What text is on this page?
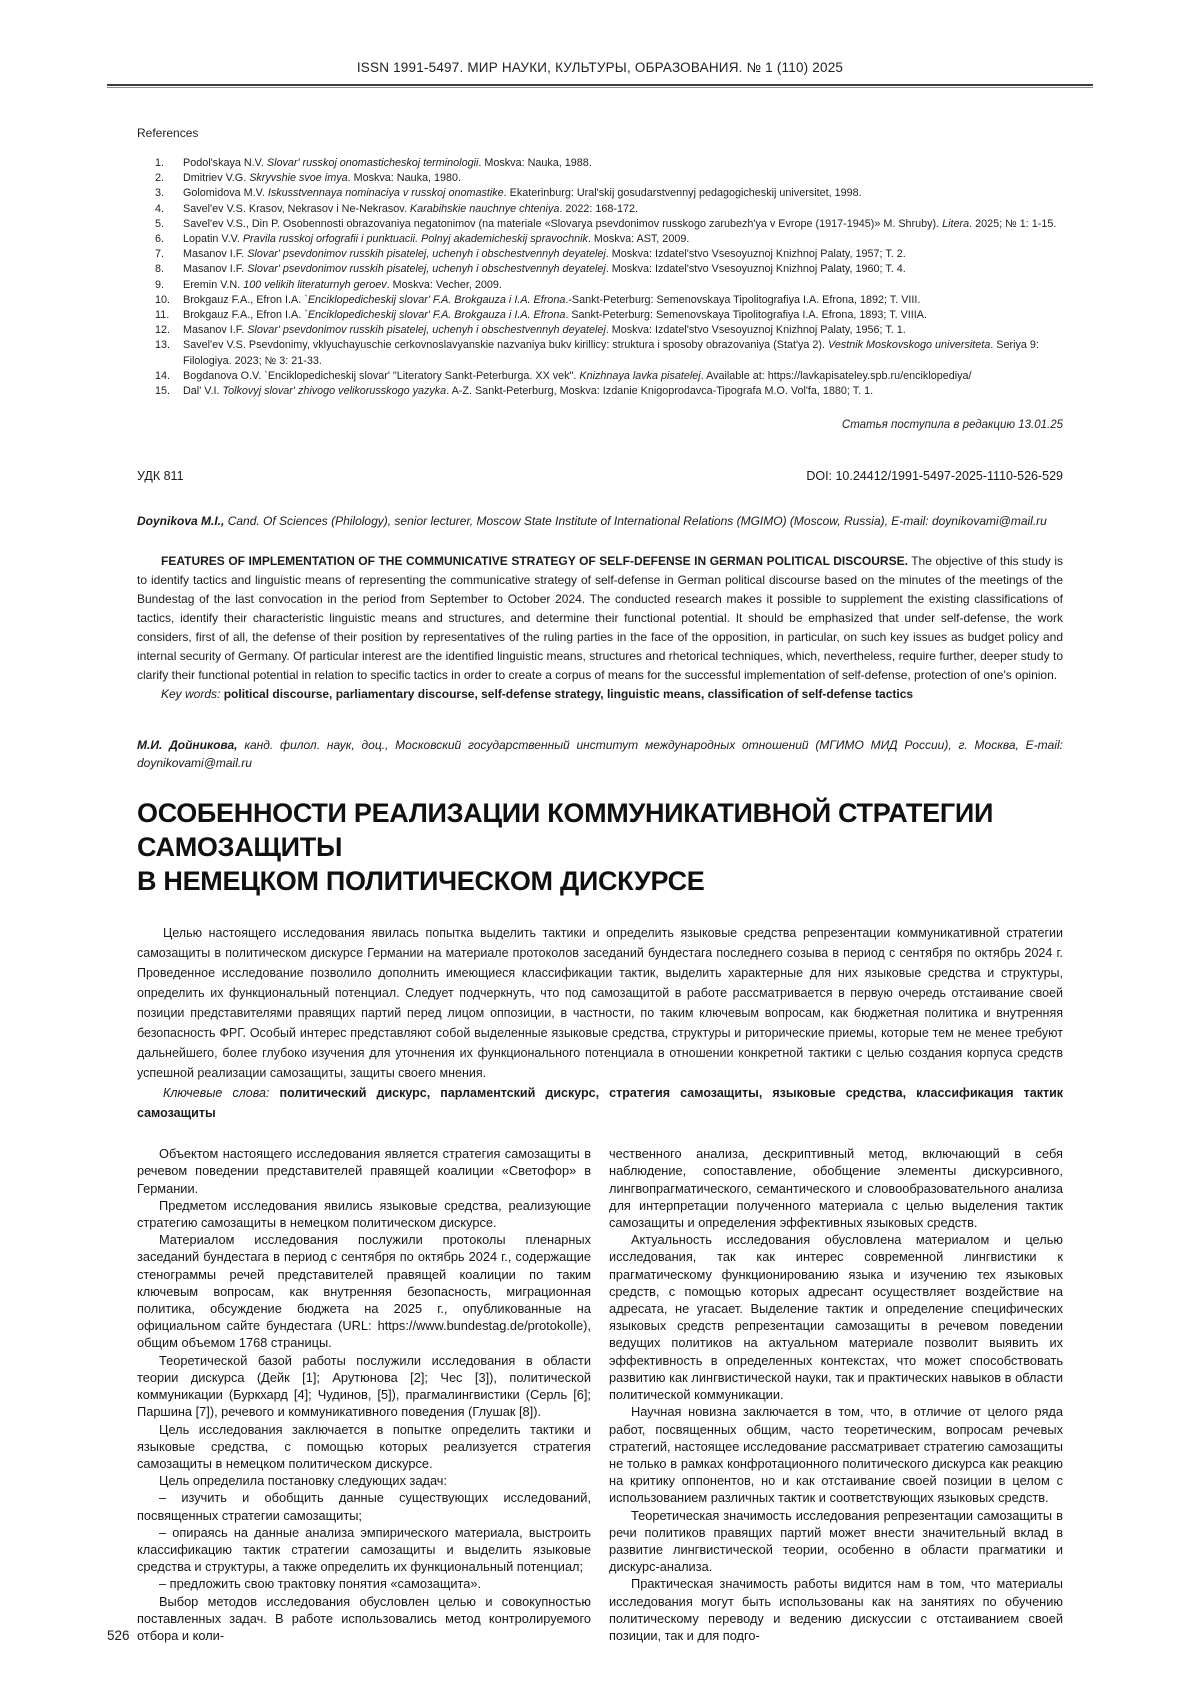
ISSN 1991-5497. МИР НАУКИ, КУЛЬТУРЫ, ОБРАЗОВАНИЯ. № 1 (110) 2025
References
1. Podol'skaya N.V. Slovar' russkoj onomasticheskoj terminologii. Moskva: Nauka, 1988.
2. Dmitriev V.G. Skryvshie svoe imya. Moskva: Nauka, 1980.
3. Golomidova M.V. Iskusstvennaya nominaciya v russkoj onomastike. Ekaterinburg: Ural'skij gosudarstvennyj pedagogicheskij universitet, 1998.
4. Savel'ev V.S. Krasov, Nekrasov i Ne-Nekrasov. Karabihskie nauchnye chteniya. 2022: 168-172.
5. Savel'ev V.S., Din P. Osobennosti obrazovaniya negatonimov (na materiale «Slovarya psevdonimov russkogo zarubezh'ya v Evrope (1917-1945)» M. Shruby). Litera. 2025; № 1: 1-15.
6. Lopatin V.V. Pravila russkoj orfografii i punktuacii. Polnyj akademicheskij spravochnik. Moskva: AST, 2009.
7. Masanov I.F. Slovar' psevdonimov russkih pisatelej, uchenyh i obschestvennyh deyatelej. Moskva: Izdatel'stvo Vsesoyuznoj Knizhnoj Palaty, 1957; T. 2.
8. Masanov I.F. Slovar' psevdonimov russkih pisatelej, uchenyh i obschestvennyh deyatelej. Moskva: Izdatel'stvo Vsesoyuznoj Knizhnoj Palaty, 1960; T. 4.
9. Eremin V.N. 100 velikih literaturnyh geroev. Moskva: Vecher, 2009.
10. Brokgauz F.A., Efron I.A. `Enciklopedicheskij slovar' F.A. Brokgauza i I.A. Efrona.-Sankt-Peterburg: Semenovskaya Tipolitografiya I.A. Efrona, 1892; T. VIII.
11. Brokgauz F.A., Efron I.A. `Enciklopedicheskij slovar' F.A. Brokgauza i I.A. Efrona. Sankt-Peterburg: Semenovskaya Tipolitografiya I.A. Efrona, 1893; T. VIIIA.
12. Masanov I.F. Slovar' psevdonimov russkih pisatelej, uchenyh i obschestvennyh deyatelej. Moskva: Izdatel'stvo Vsesoyuznoj Knizhnoj Palaty, 1956; T. 1.
13. Savel'ev V.S. Psevdonimy, vklyuchayuschie cerkovnoslavyanskie nazvaniya bukv kirillicy: struktura i sposoby obrazovaniya (Stat'ya 2). Vestnik Moskovskogo universiteta. Seriya 9: Filologiya. 2023; № 3: 21-33.
14. Bogdanova O.V. `Enciklopedicheskij slovar' "Literatory Sankt-Peterburga. XX vek". Knizhnaya lavka pisatelej. Available at: https://lavkapisateley.spb.ru/enciklopediya/
15. Dal' V.I. Tolkovyj slovar' zhivogo velikorusskogo yazyka. A-Z. Sankt-Peterburg, Moskva: Izdanie Knigoprodavca-Tipografa M.O. Vol'fa, 1880; T. 1.
Статья поступила в редакцию 13.01.25
УДК 811	DOI: 10.24412/1991-5497-2025-1110-526-529

Doynikova M.I., Cand. Of Sciences (Philology), senior lecturer, Moscow State Institute of International Relations (MGIMO) (Moscow, Russia), E-mail: doynikovami@mail.ru

FEATURES OF IMPLEMENTATION OF THE COMMUNICATIVE STRATEGY OF SELF-DEFENSE IN GERMAN POLITICAL DISCOURSE. The objective of this study is to identify tactics and linguistic means of representing the communicative strategy of self-defense in German political discourse based on the minutes of the meetings of the Bundestag of the last convocation in the period from September to October 2024. The conducted research makes it possible to supplement the existing classifications of tactics, identify their characteristic linguistic means and structures, and determine their functional potential. It should be emphasized that under self-defense, the work considers, first of all, the defense of their position by representatives of the ruling parties in the face of the opposition, in particular, on such key issues as budget policy and internal security of Germany. Of particular interest are the identified linguistic means, structures and rhetorical techniques, which, nevertheless, require further, deeper study to clarify their functional potential in relation to specific tactics in order to create a corpus of means for the successful implementation of self-defense, protection of one's opinion.

Key words: political discourse, parliamentary discourse, self-defense strategy, linguistic means, classification of self-defense tactics

М.И. Дойникова, канд. филол. наук, доц., Московский государственный институт международных отношений (МГИМО МИД России), г. Москва, E-mail: doynikovami@mail.ru

ОСОБЕННОСТИ РЕАЛИЗАЦИИ КОММУНИКАТИВНОЙ СТРАТЕГИИ САМОЗАЩИТЫ
В НЕМЕЦКОМ ПОЛИТИЧЕСКОМ ДИСКУРСЕ

Целью настоящего исследования явилась попытка выделить тактики и определить языковые средства репрезентации коммуникативной стратегии самозащиты в политическом дискурсе Германии на материале протоколов заседаний бундестага последнего созыва в период с сентября по октябрь 2024 г. Проведенное исследование позволило дополнить имеющиеся классификации тактик, выделить характерные для них языковые средства и структуры, определить их функциональный потенциал. Следует подчеркнуть, что под самозащитой в работе рассматривается в первую очередь отстаивание своей позиции представителями правящих партий перед лицом оппозиции, в частности, по таким ключевым вопросам, как бюджетная политика и внутренняя безопасность ФРГ. Особый интерес представляют собой выделенные языковые средства, структуры и риторические приемы, которые тем не менее требуют дальнейшего, более глубоко изучения для уточнения их функционального потенциала в отношении конкретной тактики с целью создания корпуса средств успешной реализации самозащиты, защиты своего мнения.

Ключевые слова: политический дискурс, парламентский дискурс, стратегия самозащиты, языковые средства, классификация тактик самозащиты

Объектом настоящего исследования является стратегия самозащиты в речевом поведении представителей правящей коалиции «Светофор» в Германии.

Предметом исследования явились языковые средства, реализующие стратегию самозащиты в немецком политическом дискурсе.

Материалом исследования послужили протоколы пленарных заседаний бундестага в период с сентября по октябрь 2024 г., содержащие стенограммы речей представителей правящей коалиции по таким ключевым вопросам, как внутренняя безопасность, миграционная политика, обсуждение бюджета на 2025 г., опубликованные на официальном сайте бундестага (URL: https://www.bundestag.de/protokolle), общим объемом 1768 страницы.

Теоретической базой работы послужили исследования в области теории дискурса (Дейк [1]; Арутюнова [2]; Чес [3]), политической коммуникации (Буркхард [4]; Чудинов, [5]), прагмалингвистики (Серль [6]; Паршина [7]), речевого и коммуникативного поведения (Глушак [8]).

Цель исследования заключается в попытке определить тактики и языковые средства, с помощью которых реализуется стратегия самозащиты в немецком политическом дискурсе.

Цель определила постановку следующих задач:

– изучить и обобщить данные существующих исследований, посвященных стратегии самозащиты;

– опираясь на данные анализа эмпирического материала, выстроить классификацию тактик стратегии самозащиты и выделить языковые средства и структуры, а также определить их функциональный потенциал;

– предложить свою трактовку понятия «самозащита».

Выбор методов исследования обусловлен целью и совокупностью поставленных задач. В работе использовались метод контролируемого отбора и коли-

чественного анализа, дескриптивный метод, включающий в себя наблюдение, сопоставление, обобщение элементы дискурсивного, лингвопрагматического, семантического и словообразовательного анализа для интерпретации полученного материала с целью выделения тактик самозащиты и определения эффективных языковых средств.

Актуальность исследования обусловлена материалом и целью исследования, так как интерес современной лингвистики к прагматическому функционированию языка и изучению тех языковых средств, с помощью которых адресант осуществляет воздействие на адресата, не угасает. Выделение тактик и определение специфических языковых средств репрезентации самозащиты в речевом поведении ведущих политиков на актуальном материале позволит выявить их эффективность в определенных контекстах, что может способствовать развитию как лингвистической науки, так и практических навыков в области политической коммуникации.

Научная новизна заключается в том, что, в отличие от целого ряда работ, посвященных общим, часто теоретическим, вопросам речевых стратегий, настоящее исследование рассматривает стратегию самозащиты не только в рамках конфротационного политического дискурса как реакцию на критику оппонентов, но и как отстаивание своей позиции в целом с использованием различных тактик и соответствующих языковых средств.

Теоретическая значимость исследования репрезентации самозащиты в речи политиков правящих партий может внести значительный вклад в развитие лингвистической теории, особенно в области прагматики и дискурс-анализа.

Практическая значимость работы видится нам в том, что материалы исследования могут быть использованы как на занятиях по обучению политическому переводу и ведению дискуссии с отстаиванием своей позиции, так и для подго-

526
